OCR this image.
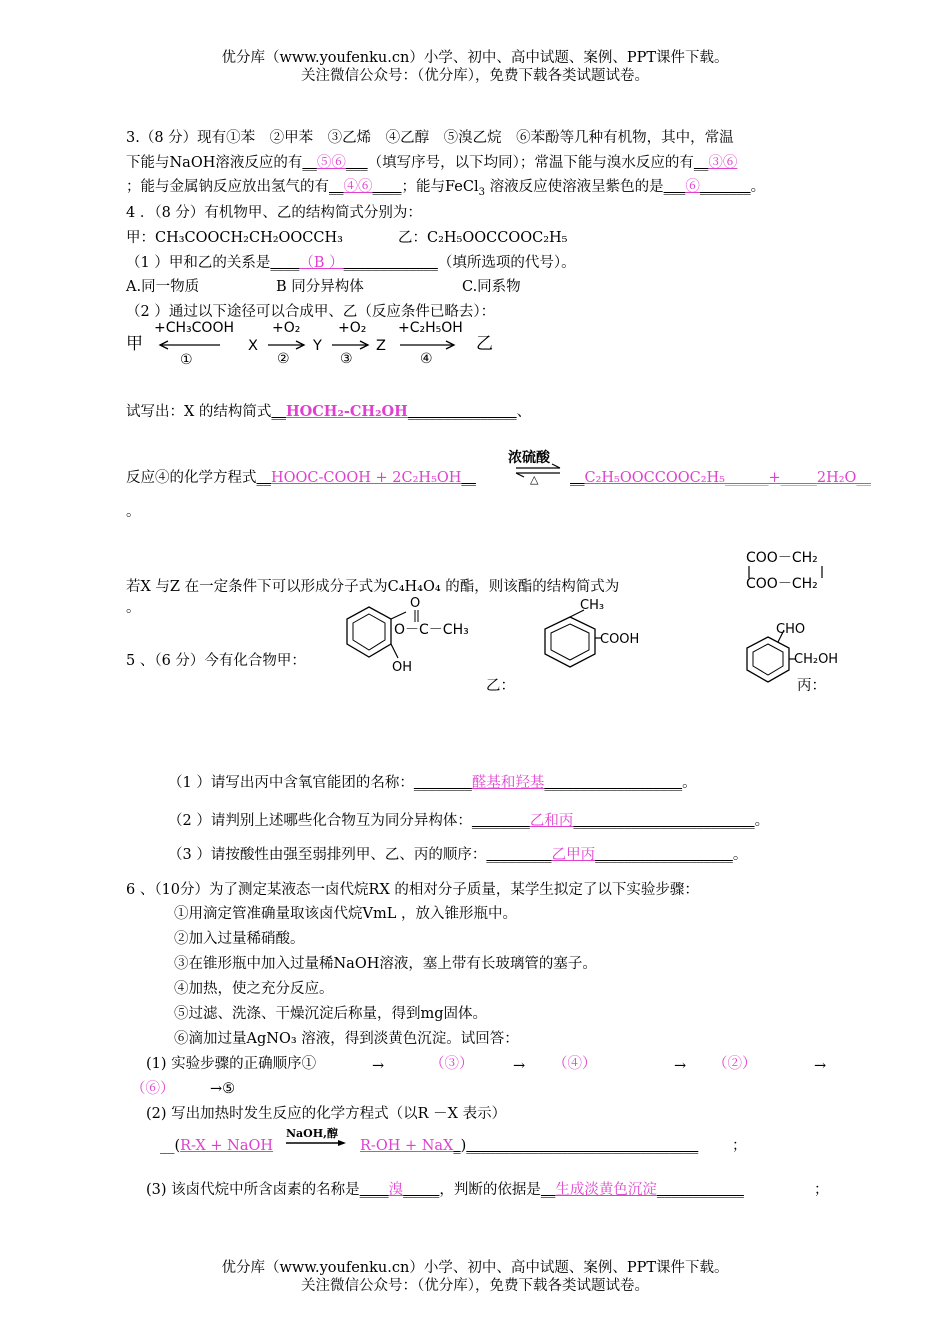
优分库（www.youfenku.cn）小学、初中、高中试题、案例、PPT课件下载。
关注微信公众号：（优分库），免费下载各类试题试卷。
3.（8 分）现有①苯　②甲苯　③乙烯　④乙醇　⑤溴乙烷　⑥苯酚等几种有机物，其中，常温
下能与NaOH溶液反应的有__⑤⑥___（填写序号，以下均同）；常温下能与溴水反应的有__③⑥
；能与金属钠反应放出氢气的有__④⑥____；能与FeCl$_3$ 溶液反应使溶液呈紫色的是___⑥_______。
4 ．（8 分）有机物甲、乙的结构简式分别为：
甲：CH₃COOCH₂CH₂OOCCH₃	乙：C₂H₅OOCCOOC₂H₅
（1 ）甲和乙的关系是____（B ）_____________（填所选项的代号）。
A.同一物质	B 同分异构体	C.同系物
（2 ）通过以下途径可以合成甲、乙（反应条件已略去）：
甲
+CH₃COOH
①
X
+O₂
②
Y
+O₂
③
Z
+C₂H₅OH
④
乙
试写出：X 的结构简式__HOCH₂-CH₂OH_______________、
反应④的化学方程式__HOOC-COOH + 2C₂H₅OH__
浓硫酸
△ __C₂H₅OOCCOOC₂H₅______+_____2H₂O__
。
若X 与Z 在一定条件下可以形成分子式为C₄H₄O₄ 的酯，则该酯的结构简式为
。
COO－CH₂
COO－CH₂
O
O－C－CH₃
OH
CH₃
COOH
CHO
CH₂OH
5 、（6 分）今有化合物甲：
乙：	丙：
（1 ）请写出丙中含氧官能团的名称：________醛基和羟基___________________。
（2 ）请判别上述哪些化合物互为同分异构体：________乙和丙_________________________。
（3 ）请按酸性由强至弱排列甲、乙、丙的顺序：_________乙甲丙___________________。
6 、（10分）为了测定某液态一卤代烷RX 的相对分子质量，某学生拟定了以下实验步骤：
①用滴定管准确量取该卤代烷VmL ，放入锥形瓶中。
②加入过量稀硝酸。
③在锥形瓶中加入过量稀NaOH溶液，塞上带有长玻璃管的塞子。
④加热，使之充分反应。
⑤过滤、洗涤、干燥沉淀后称量，得到mg固体。
⑥滴加过量AgNO₃ 溶液，得到淡黄色沉淀。试回答：
(1) 实验步骤的正确顺序①	→	（③）	→ （④）	→ （②）	→
（⑥） →⑤
(2) 写出加热时发生反应的化学方程式（以R －X 表示）
__(R-X + NaOH
NaOH,醇
R-OH + NaX_)________________________________ ；
(3) 该卤代烷中所含卤素的名称是____溴_____，判断的依据是__生成淡黄色沉淀____________	；
优分库（www.youfenku.cn）小学、初中、高中试题、案例、PPT课件下载。
关注微信公众号：（优分库），免费下载各类试题试卷。
